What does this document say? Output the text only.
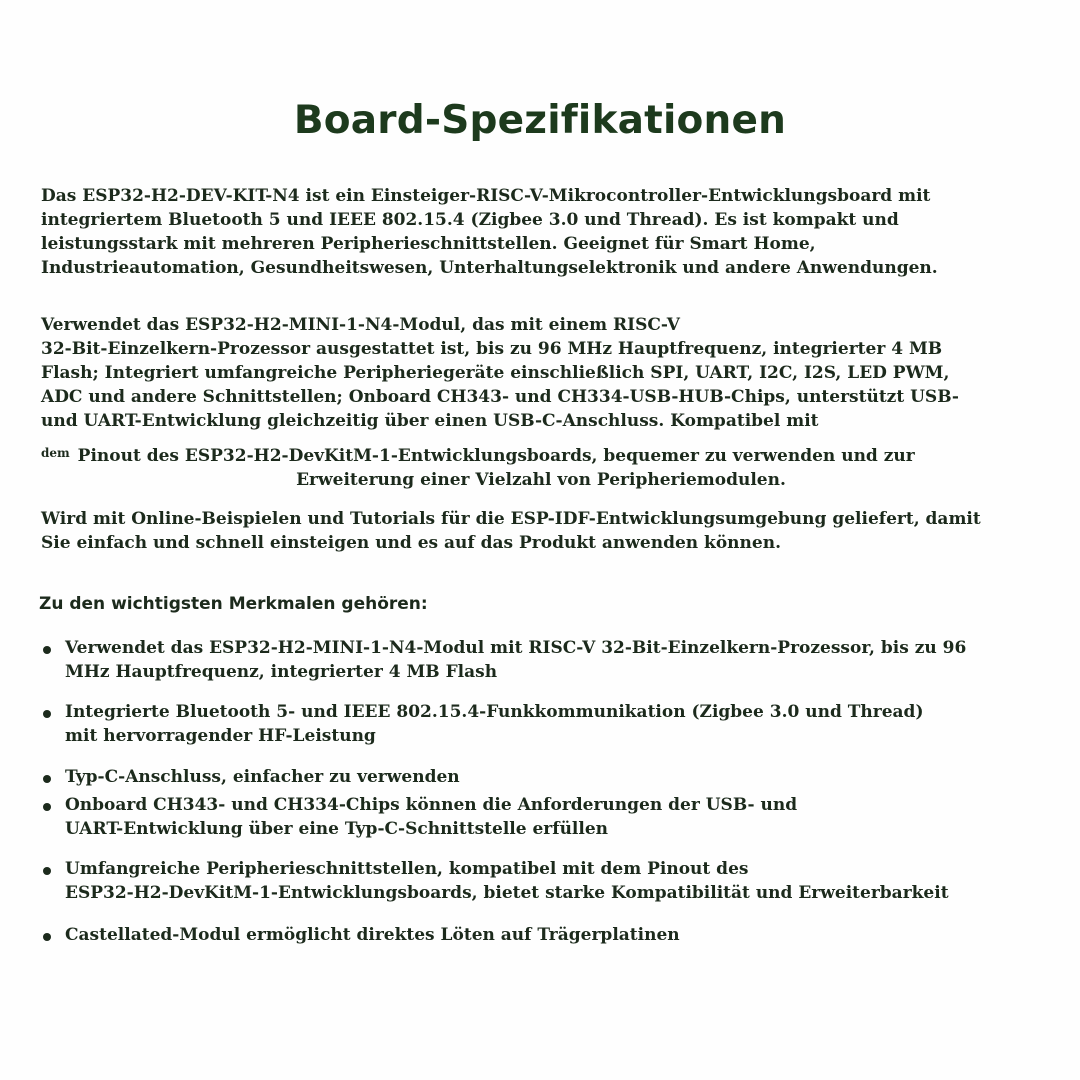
Board-Spezifikationen

Das ESP32-H2-DEV-KIT-N4 ist ein Einsteiger-RISC-V-Mikrocontroller-Entwicklungsboard mit
integriertem Bluetooth 5 und IEEE 802.15.4 (Zigbee 3.0 und Thread). Es ist kompakt und
leistungsstark mit mehreren Peripherieschnittstellen. Geeignet für Smart Home,
Industrieautomation, Gesundheitswesen, Unterhaltungselektronik und andere Anwendungen.

Verwendet das ESP32-H2-MINI-1-N4-Modul, das mit einem RISC-V
32-Bit-Einzelkern-Prozessor ausgestattet ist, bis zu 96 MHz Hauptfrequenz, integrierter 4 MB
Flash; Integriert umfangreiche Peripheriegeräte einschließlich SPI, UART, I2C, I2S, LED PWM,
ADC und andere Schnittstellen; Onboard CH343- und CH334-USB-HUB-Chips, unterstützt USB-
und UART-Entwicklung gleichzeitig über einen USB-C-Anschluss. Kompatibel mit
dem Pinout des ESP32-H2-DevKitM-1-Entwicklungsboards, bequemer zu verwenden und zur
Erweiterung einer Vielzahl von Peripheriemodulen.

Wird mit Online-Beispielen und Tutorials für die ESP-IDF-Entwicklungsumgebung geliefert, damit
Sie einfach und schnell einsteigen und es auf das Produkt anwenden können.

Zu den wichtigsten Merkmalen gehören:
Verwendet das ESP32-H2-MINI-1-N4-Modul mit RISC-V 32-Bit-Einzelkern-Prozessor, bis zu 96
MHz Hauptfrequenz, integrierter 4 MB Flash
Integrierte Bluetooth 5- und IEEE 802.15.4-Funkkommunikation (Zigbee 3.0 und Thread)
mit hervorragender HF-Leistung
Typ-C-Anschluss, einfacher zu verwenden
Onboard CH343- und CH334-Chips können die Anforderungen der USB- und
UART-Entwicklung über eine Typ-C-Schnittstelle erfüllen
Umfangreiche Peripherieschnittstellen, kompatibel mit dem Pinout des
ESP32-H2-DevKitM-1-Entwicklungsboards, bietet starke Kompatibilität und Erweiterbarkeit
Castellated-Modul ermöglicht direktes Löten auf Trägerplatinen
